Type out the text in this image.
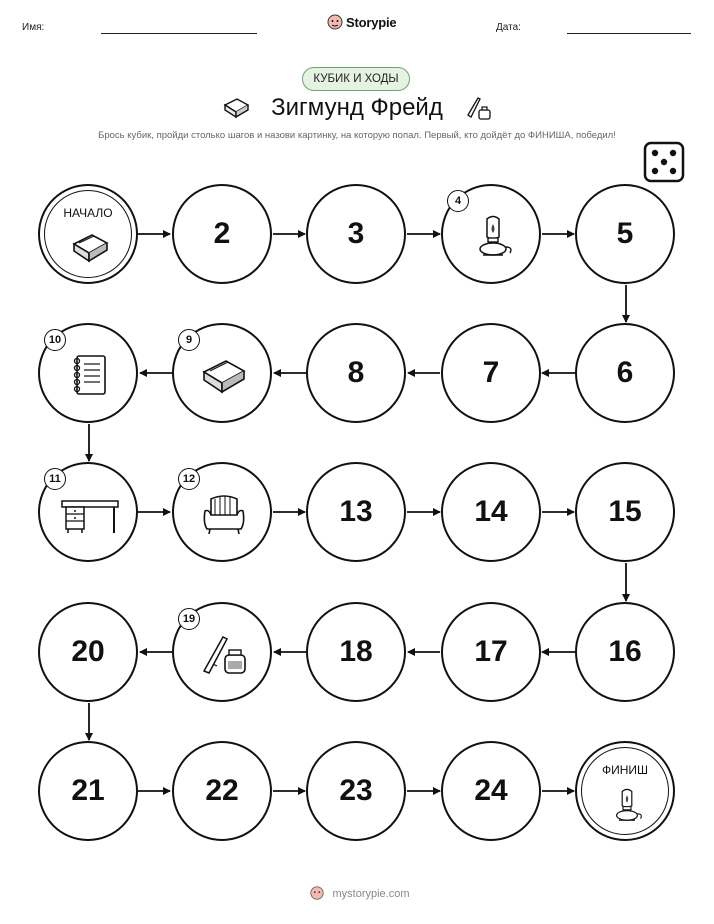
Имя:	Storypie	Дата:
КУБИК И ХОДЫ
Зигмунд Фрейд
Брось кубик, пройди столько шагов и назови картинку, на которую попал. Первый, кто дойдёт до ФИНИША, победил!
НАЧАЛО
2	3
4
5
6
7
8
9
10
11	12
13	14	15
16
17
18
19
20
21	22	23	24
ФИНИШ
mystorypie.com
